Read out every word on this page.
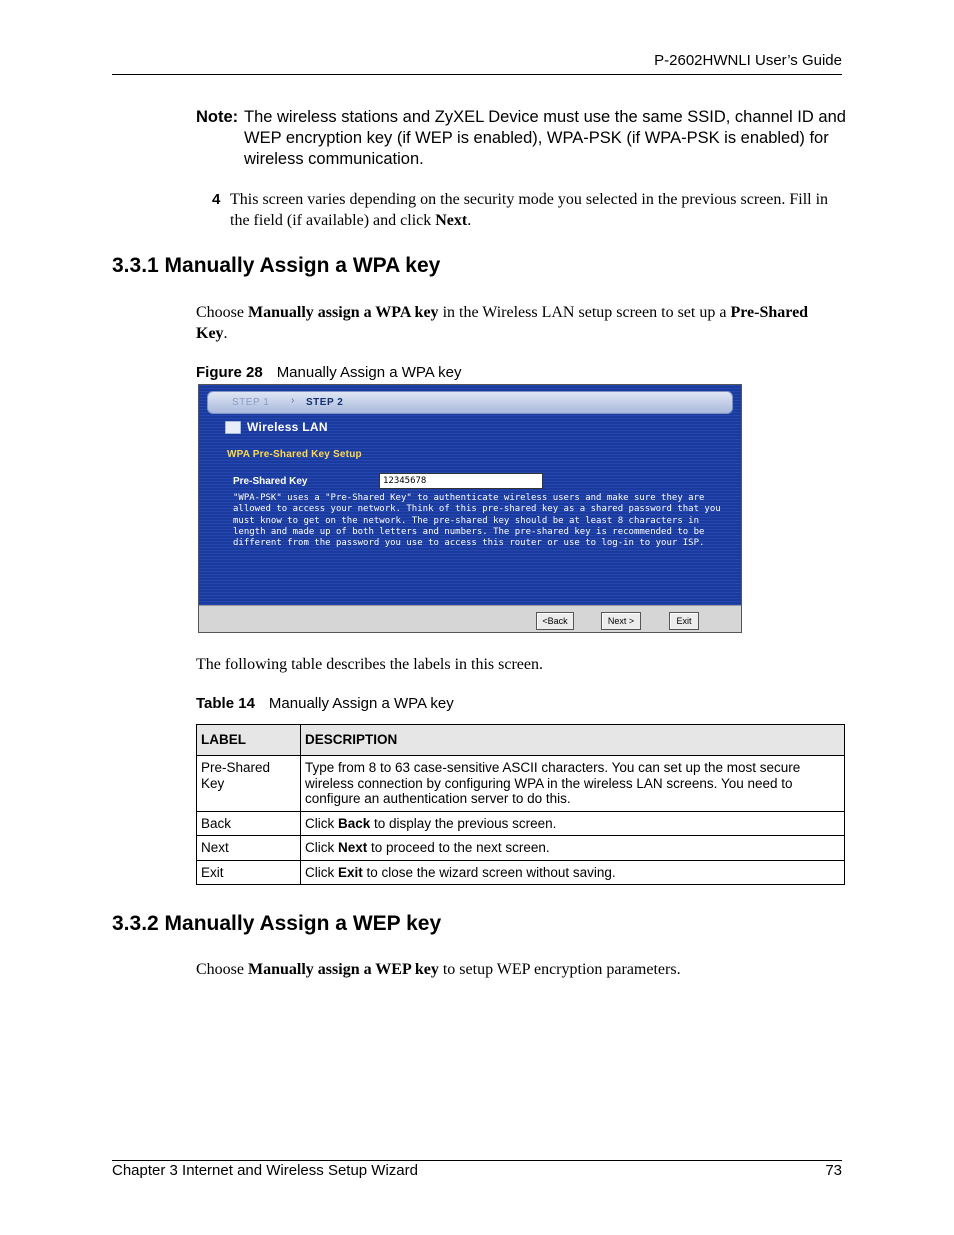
P-2602HWNLI User’s Guide
Note: The wireless stations and ZyXEL Device must use the same SSID, channel ID and WEP encryption key (if WEP is enabled), WPA-PSK (if WPA-PSK is enabled) for wireless communication.
4 This screen varies depending on the security mode you selected in the previous screen. Fill in the field (if available) and click Next.
3.3.1 Manually Assign a WPA key
Choose Manually assign a WPA key in the Wireless LAN setup screen to set up a Pre-Shared Key.
Figure 28 Manually Assign a WPA key
STEP 1 › STEP 2
Wireless LAN
WPA Pre-Shared Key Setup
Pre-Shared Key
12345678
"WPA-PSK" uses a "Pre-Shared Key" to authenticate wireless users and make sure they are allowed to access your network. Think of this pre-shared key as a shared password that you must know to get on the network. The pre-shared key should be at least 8 characters in length and made up of both letters and numbers. The pre-shared key is recommended to be different from the password you use to access this router or use to log-in to your ISP.
<Back	Next >	Exit
The following table describes the labels in this screen.
Table 14 Manually Assign a WPA key
LABEL	DESCRIPTION
Pre-Shared Key	Type from 8 to 63 case-sensitive ASCII characters. You can set up the most secure wireless connection by configuring WPA in the wireless LAN screens. You need to configure an authentication server to do this.
Back	Click Back to display the previous screen.
Next	Click Next to proceed to the next screen.
Exit	Click Exit to close the wizard screen without saving.
3.3.2 Manually Assign a WEP key
Choose Manually assign a WEP key to setup WEP encryption parameters.
Chapter 3 Internet and Wireless Setup Wizard	73
